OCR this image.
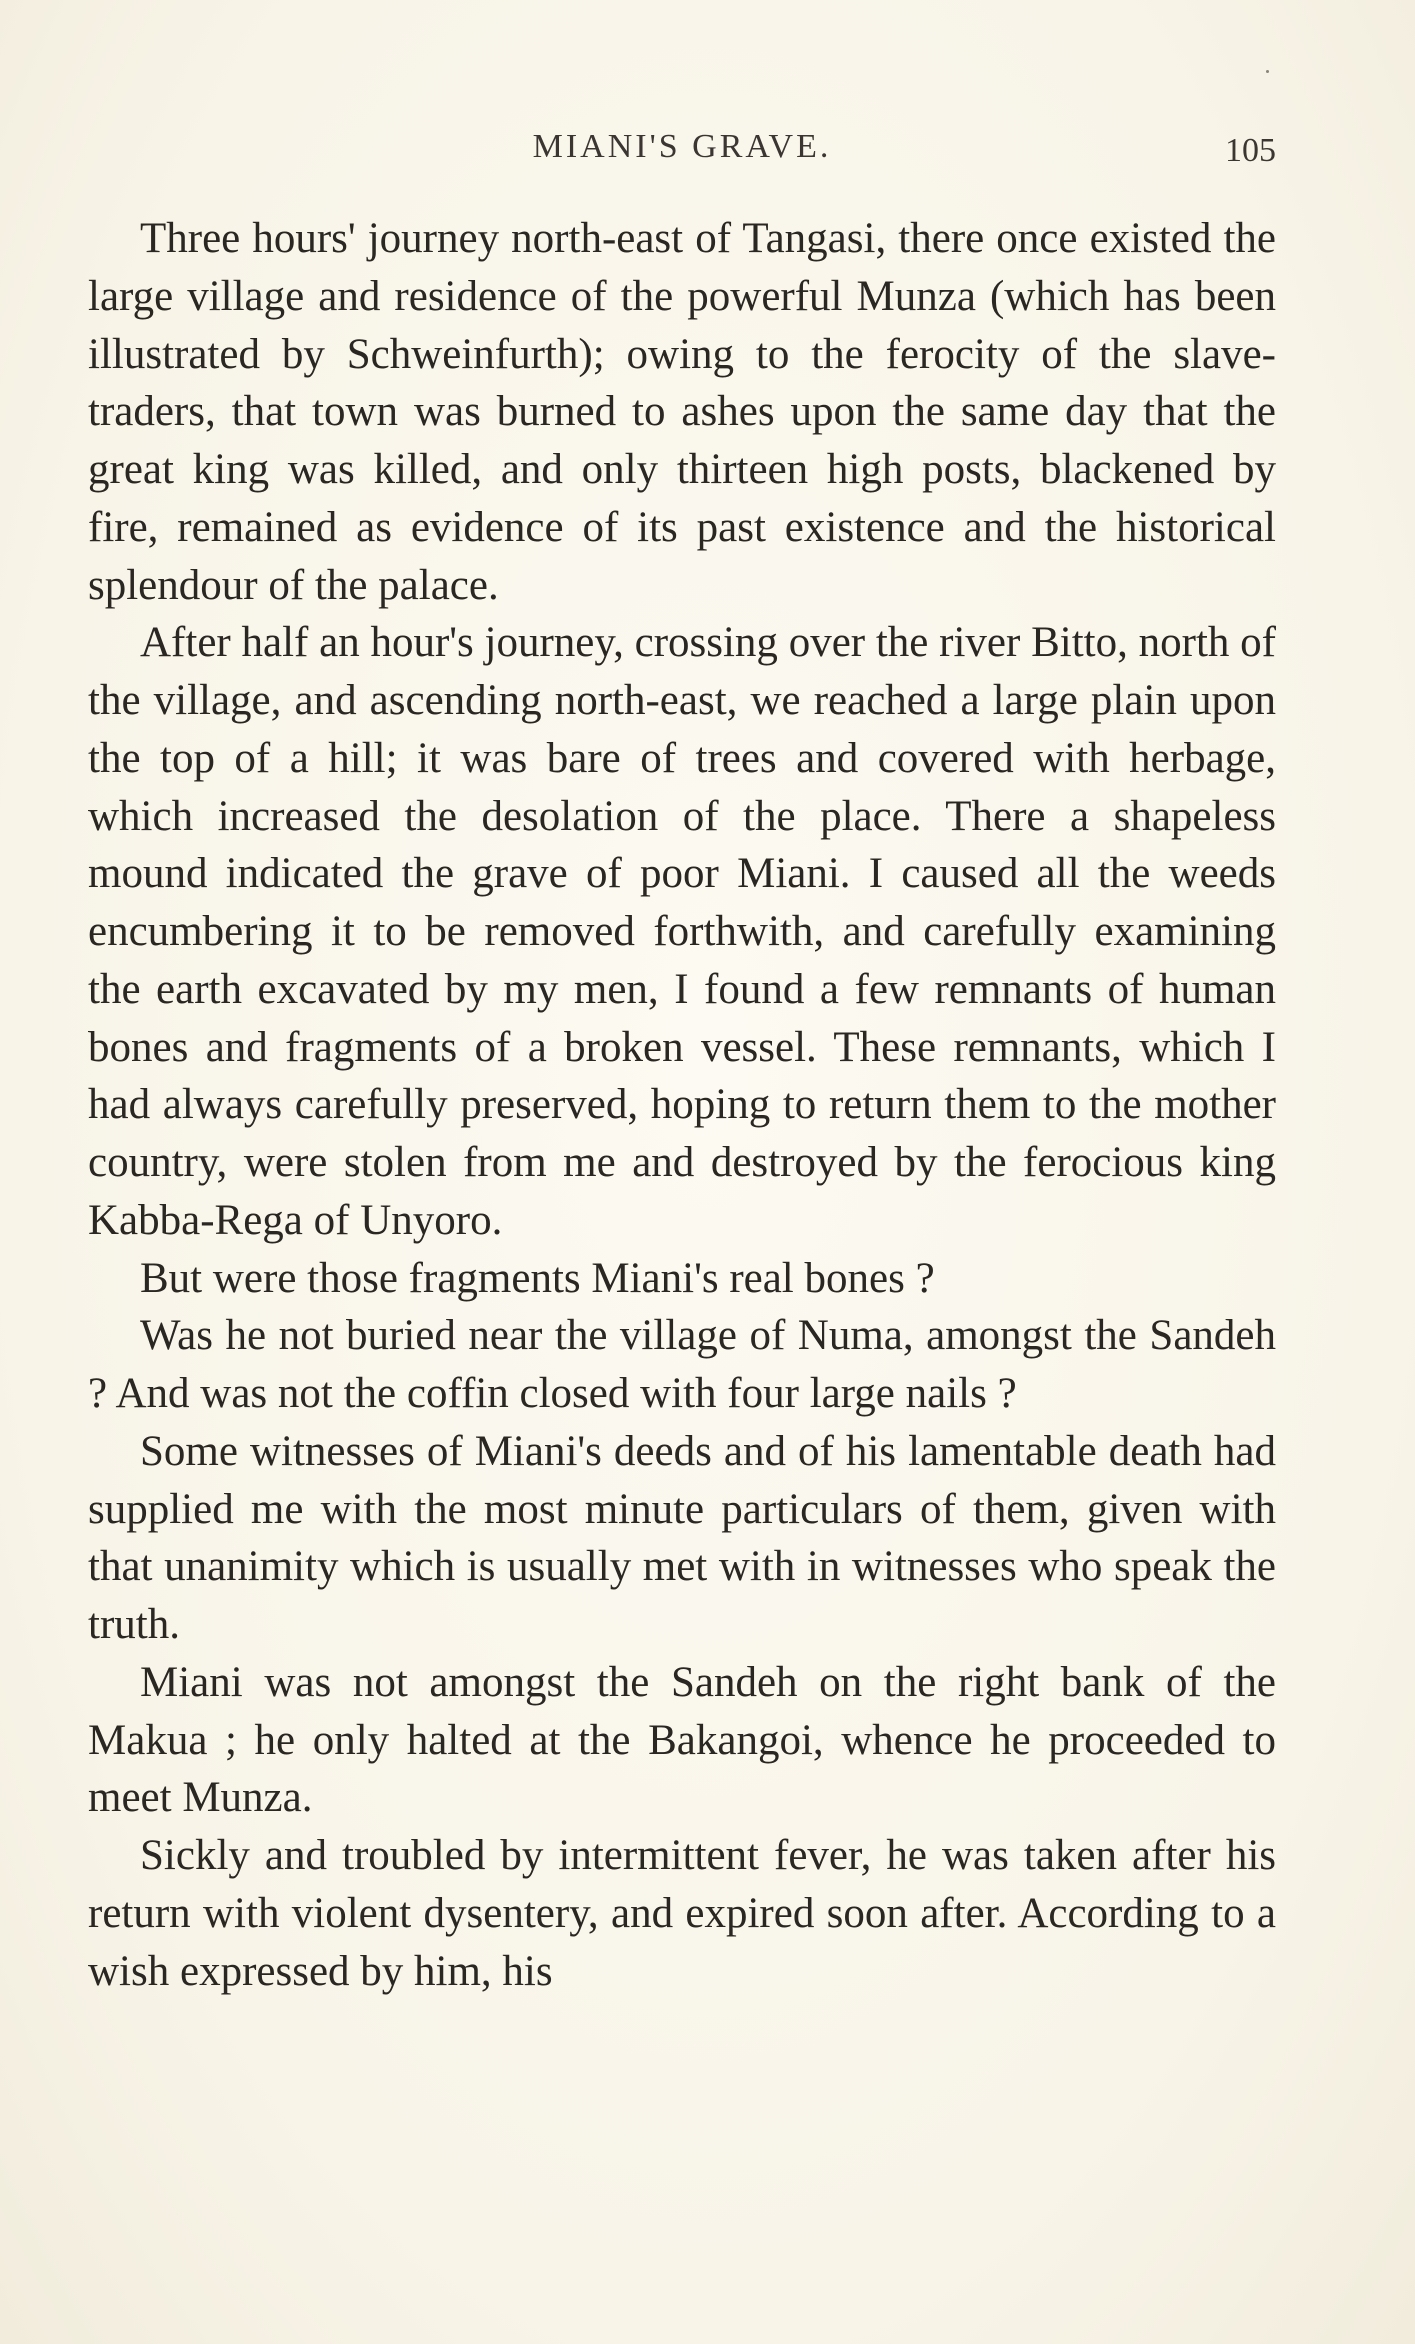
MIANI'S GRAVE.	105

Three hours' journey north-east of Tangasi, there once existed the large village and residence of the powerful Munza (which has been illustrated by Schweinfurth); owing to the ferocity of the slave-traders, that town was burned to ashes upon the same day that the great king was killed, and only thirteen high posts, blackened by fire, remained as evidence of its past existence and the historical splendour of the palace.

After half an hour's journey, crossing over the river Bitto, north of the village, and ascending north-east, we reached a large plain upon the top of a hill; it was bare of trees and covered with herbage, which increased the desolation of the place. There a shapeless mound indicated the grave of poor Miani. I caused all the weeds encumbering it to be removed forthwith, and carefully examining the earth excavated by my men, I found a few remnants of human bones and fragments of a broken vessel. These remnants, which I had always carefully preserved, hoping to return them to the mother country, were stolen from me and destroyed by the ferocious king Kabba-Rega of Unyoro.

But were those fragments Miani's real bones ?

Was he not buried near the village of Numa, amongst the Sandeh ? And was not the coffin closed with four large nails ?

Some witnesses of Miani's deeds and of his lamentable death had supplied me with the most minute particulars of them, given with that unanimity which is usually met with in witnesses who speak the truth.

Miani was not amongst the Sandeh on the right bank of the Makua ; he only halted at the Bakangoi, whence he proceeded to meet Munza.

Sickly and troubled by intermittent fever, he was taken after his return with violent dysentery, and expired soon after. According to a wish expressed by him, his
